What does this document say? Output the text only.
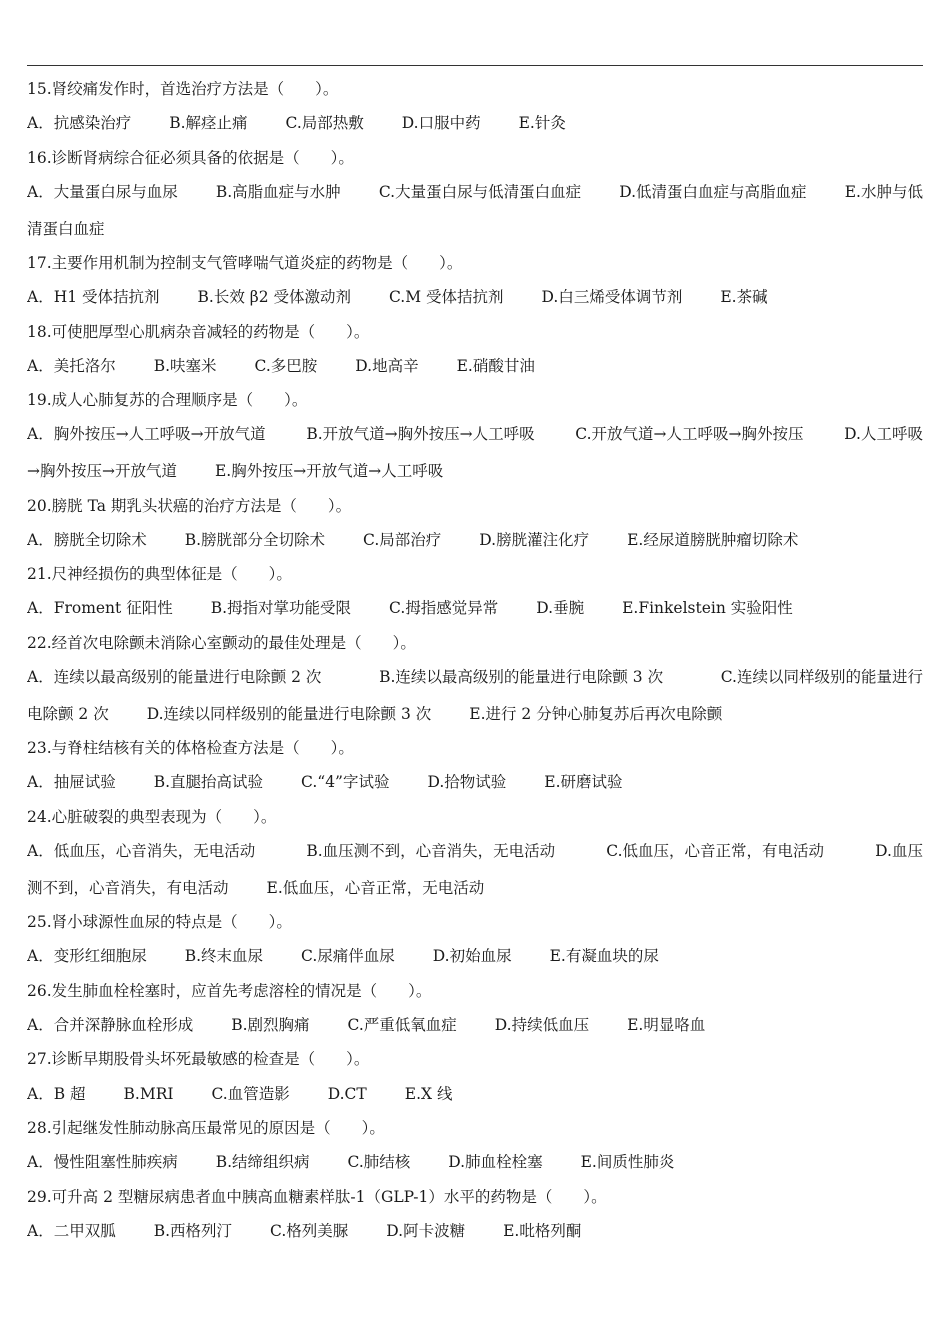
15.肾绞痛发作时，首选治疗方法是（　　）。
A．抗感染治疗 B.解痉止痛 C.局部热敷 D.口服中药 E.针灸
16.诊断肾病综合征必须具备的依据是（　　）。
A．大量蛋白尿与血尿 B.高脂血症与水肿 C.大量蛋白尿与低清蛋白血症 D.低清蛋白血症与高脂血症 E.水肿与低
清蛋白血症
17.主要作用机制为控制支气管哮喘气道炎症的药物是（　　）。
A．H1 受体拮抗剂 B.长效 β2 受体激动剂 C.M 受体拮抗剂 D.白三烯受体调节剂 E.茶碱
18.可使肥厚型心肌病杂音减轻的药物是（　　）。
A．美托洛尔 B.呋塞米 C.多巴胺 D.地高辛 E.硝酸甘油
19.成人心肺复苏的合理顺序是（　　）。
A．胸外按压→人工呼吸→开放气道	B.开放气道→胸外按压→人工呼吸	C.开放气道→人工呼吸→胸外按压	D.人工呼吸
→胸外按压→开放气道 E.胸外按压→开放气道→人工呼吸
20.膀胱 Ta 期乳头状癌的治疗方法是（　　）。
A．膀胱全切除术 B.膀胱部分全切除术 C.局部治疗 D.膀胱灌注化疗 E.经尿道膀胱肿瘤切除术
21.尺神经损伤的典型体征是（　　）。
A．Froment 征阳性 B.拇指对掌功能受限 C.拇指感觉异常 D.垂腕 E.Finkelstein 实验阳性
22.经首次电除颤未消除心室颤动的最佳处理是（　　）。
A．连续以最高级别的能量进行电除颤 2 次	B.连续以最高级别的能量进行电除颤 3 次	C.连续以同样级别的能量进行
电除颤 2 次 D.连续以同样级别的能量进行电除颤 3 次 E.进行 2 分钟心肺复苏后再次电除颤
23.与脊柱结核有关的体格检查方法是（　　）。
A．抽屉试验 B.直腿抬高试验 C.“4”字试验 D.拾物试验 E.研磨试验
24.心脏破裂的典型表现为（　　）。
A．低血压，心音消失，无电活动	B.血压测不到，心音消失，无电活动	C.低血压，心音正常，有电活动	D.血压
测不到，心音消失，有电活动 E.低血压，心音正常，无电活动
25.肾小球源性血尿的特点是（　　）。
A．变形红细胞尿 B.终末血尿 C.尿痛伴血尿 D.初始血尿 E.有凝血块的尿
26.发生肺血栓栓塞时，应首先考虑溶栓的情况是（　　）。
A．合并深静脉血栓形成 B.剧烈胸痛 C.严重低氧血症 D.持续低血压 E.明显咯血
27.诊断早期股骨头坏死最敏感的检查是（　　）。
A．B 超 B.MRI C.血管造影 D.CT E.X 线
28.引起继发性肺动脉高压最常见的原因是（　　）。
A．慢性阻塞性肺疾病 B.结缔组织病 C.肺结核 D.肺血栓栓塞 E.间质性肺炎
29.可升高 2 型糖尿病患者血中胰高血糖素样肽-1（GLP-1）水平的药物是（　　）。
A．二甲双胍 B.西格列汀 C.格列美脲 D.阿卡波糖 E.吡格列酮
